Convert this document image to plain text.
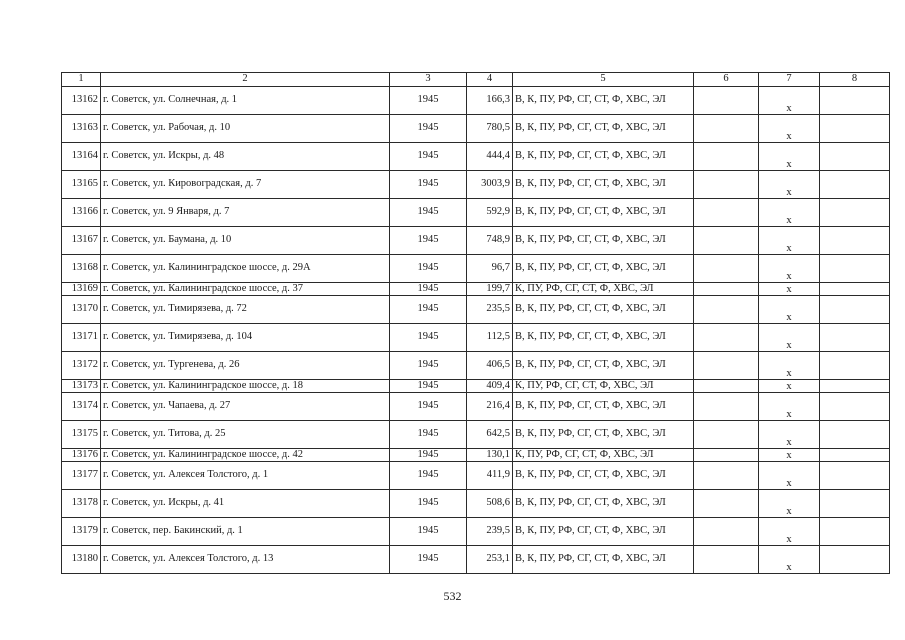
1	2	3	4	5	6	7	8
13162	г. Советск, ул. Солнечная, д. 1	1945	166,3	В, К, ПУ, РФ, СГ, СТ, Ф, ХВС, ЭЛ		х	
13163	г. Советск, ул. Рабочая, д. 10	1945	780,5	В, К, ПУ, РФ, СГ, СТ, Ф, ХВС, ЭЛ		х	
13164	г. Советск, ул. Искры, д. 48	1945	444,4	В, К, ПУ, РФ, СГ, СТ, Ф, ХВС, ЭЛ		х	
13165	г. Советск, ул. Кировоградская, д. 7	1945	3003,9	В, К, ПУ, РФ, СГ, СТ, Ф, ХВС, ЭЛ		х	
13166	г. Советск, ул. 9 Января, д. 7	1945	592,9	В, К, ПУ, РФ, СГ, СТ, Ф, ХВС, ЭЛ		х	
13167	г. Советск, ул. Баумана, д. 10	1945	748,9	В, К, ПУ, РФ, СГ, СТ, Ф, ХВС, ЭЛ		х	
13168	г. Советск, ул. Калининградское шоссе, д. 29А	1945	96,7	В, К, ПУ, РФ, СГ, СТ, Ф, ХВС, ЭЛ		х	
13169	г. Советск, ул. Калининградское шоссе, д. 37	1945	199,7	К, ПУ, РФ, СГ, СТ, Ф, ХВС, ЭЛ		х	
13170	г. Советск, ул. Тимирязева, д. 72	1945	235,5	В, К, ПУ, РФ, СГ, СТ, Ф, ХВС, ЭЛ		х	
13171	г. Советск, ул. Тимирязева, д. 104	1945	112,5	В, К, ПУ, РФ, СГ, СТ, Ф, ХВС, ЭЛ		х	
13172	г. Советск, ул. Тургенева, д. 26	1945	406,5	В, К, ПУ, РФ, СГ, СТ, Ф, ХВС, ЭЛ		х	
13173	г. Советск, ул. Калининградское шоссе, д. 18	1945	409,4	К, ПУ, РФ, СГ, СТ, Ф, ХВС, ЭЛ		х	
13174	г. Советск, ул. Чапаева, д. 27	1945	216,4	В, К, ПУ, РФ, СГ, СТ, Ф, ХВС, ЭЛ		х	
13175	г. Советск, ул. Титова, д. 25	1945	642,5	В, К, ПУ, РФ, СГ, СТ, Ф, ХВС, ЭЛ		х	
13176	г. Советск, ул. Калининградское шоссе, д. 42	1945	130,1	К, ПУ, РФ, СГ, СТ, Ф, ХВС, ЭЛ		х	
13177	г. Советск, ул. Алексея Толстого, д. 1	1945	411,9	В, К, ПУ, РФ, СГ, СТ, Ф, ХВС, ЭЛ		х	
13178	г. Советск, ул. Искры, д. 41	1945	508,6	В, К, ПУ, РФ, СГ, СТ, Ф, ХВС, ЭЛ		х	
13179	г. Советск, пер. Бакинский, д. 1	1945	239,5	В, К, ПУ, РФ, СГ, СТ, Ф, ХВС, ЭЛ		х	
13180	г. Советск, ул. Алексея Толстого, д. 13	1945	253,1	В, К, ПУ, РФ, СГ, СТ, Ф, ХВС, ЭЛ		х	
532
